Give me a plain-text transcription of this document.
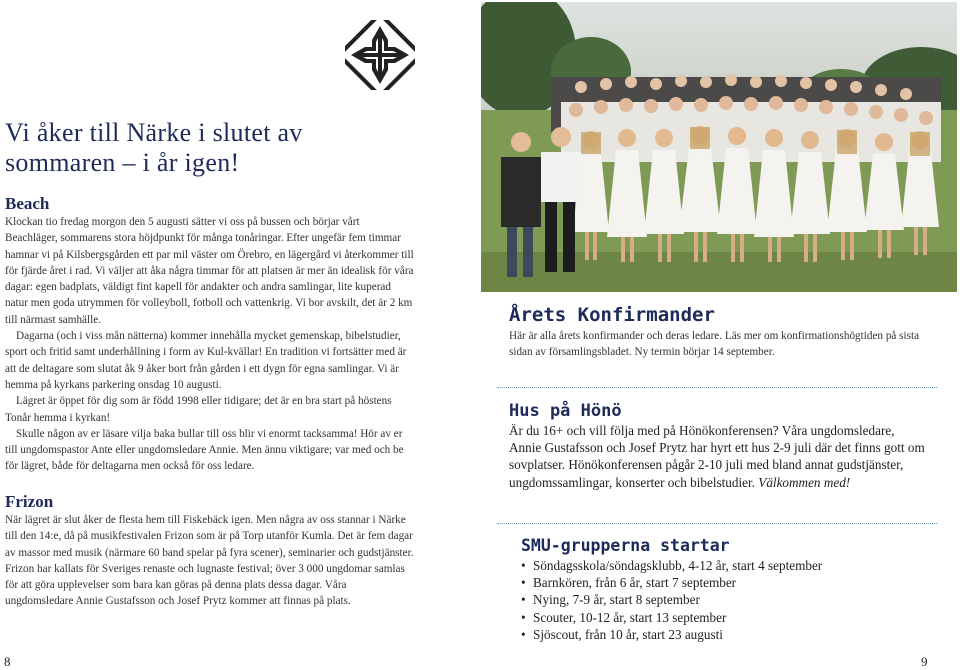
Vi åker till Närke i slutet av
sommaren – i år igen!
Beach

Klockan tio fredag morgon den 5 augusti sätter vi oss på bussen och börjar vårt Beachläger, sommarens stora höjdpunkt för många tonåringar. Efter ungefär fem timmar hamnar vi på Kilsbergsgården ett par mil väster om Örebro, en lägergård vi återkommer till för fjärde året i rad. Vi väljer att åka några timmar för att platsen är mer än idealisk för våra dagar: egen badplats, väldigt fint kapell för andakter och andra samlingar, lite kuperad natur men goda utrymmen för volleyboll, fotboll och vattenkrig. Vi bor avskilt, det är 2 km till närmast samhälle.

Dagarna (och i viss mån nätterna) kommer innehålla mycket gemenskap, bibelstudier, sport och fritid samt underhållning i form av Kul-kvällar! En tradition vi fortsätter med är att de deltagare som slutat åk 9 åker bort från gården i ett dygn för egna samlingar. Vi är hemma på kyrkans parkering onsdag 10 augusti.

Lägret är öppet för dig som är född 1998 eller tidigare; det är en bra start på höstens Tonår hemma i kyrkan!

Skulle någon av er läsare vilja baka bullar till oss blir vi enormt tacksamma! Hör av er till ungdomspastor Ante eller ungdomsledare Annie. Men ännu viktigare; var med och be för lägret, både för deltagarna men också för oss ledare.

Frizon

När lägret är slut åker de flesta hem till Fiskebäck igen. Men några av oss stannar i Närke till den 14:e, då på musikfestivalen Frizon som är på Torp utanför Kumla. Det är fem dagar av massor med musik (närmare 60 band spelar på fyra scener), seminarier och gudstjänster. Frizon har kallats för Sveriges renaste och lugnaste festival; över 3 000 ungdomar samlas för att göra upplevelser som bara kan göras på denna plats dessa dagar. Våra ungdomsledare Annie Gustafsson och Josef Prytz kommer att finnas på plats.

8	9
Årets Konfirmander

Här är alla årets konfirmander och deras ledare. Läs mer om konfirmationshögtiden på sista sidan av församlingsbladet. Ny termin börjar 14 september.

Hus på Hönö

Är du 16+ och vill följa med på Hönökonferensen? Våra ungdomsledare, Annie Gustafsson och Josef Prytz har hyrt ett hus 2-9 juli där det finns gott om sovplatser. Hönökonferensen pågår 2-10 juli med bland annat gudstjänster, ungdomssamlingar, konserter och bibelstudier. Välkommen med!

SMU-grupperna startar
• Söndagsskola/söndagsklubb, 4-12 år, start 4 september
• Barnkören, från 6 år, start 7 september
• Nying, 7-9 år, start 8 september
• Scouter, 10-12 år, start 13 september
• Sjöscout, från 10 år, start 23 augusti
